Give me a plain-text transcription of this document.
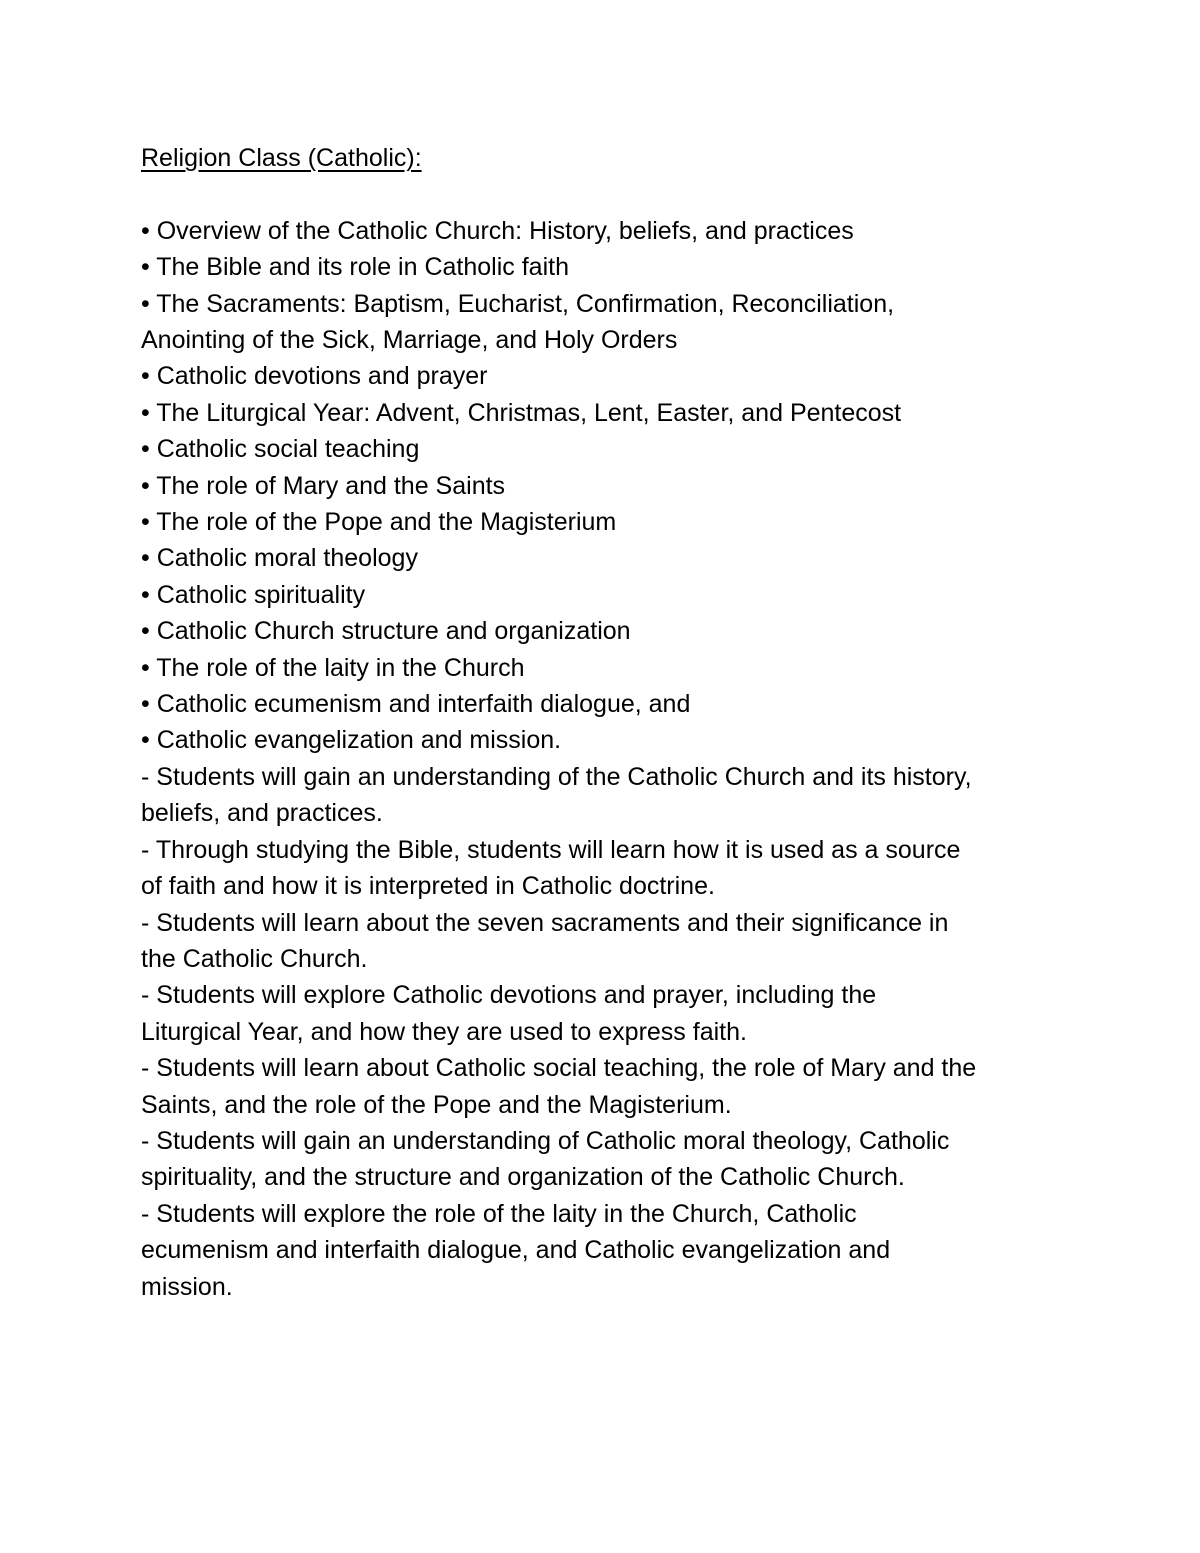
Religion Class (Catholic):

• Overview of the Catholic Church: History, beliefs, and practices

• The Bible and its role in Catholic faith

• The Sacraments: Baptism, Eucharist, Confirmation, Reconciliation,

Anointing of the Sick, Marriage, and Holy Orders

• Catholic devotions and prayer

• The Liturgical Year: Advent, Christmas, Lent, Easter, and Pentecost

• Catholic social teaching

• The role of Mary and the Saints

• The role of the Pope and the Magisterium

• Catholic moral theology

• Catholic spirituality

• Catholic Church structure and organization

• The role of the laity in the Church

• Catholic ecumenism and interfaith dialogue, and

• Catholic evangelization and mission.

- Students will gain an understanding of the Catholic Church and its history,

beliefs, and practices.

- Through studying the Bible, students will learn how it is used as a source

of faith and how it is interpreted in Catholic doctrine.

- Students will learn about the seven sacraments and their significance in

the Catholic Church.

- Students will explore Catholic devotions and prayer, including the

Liturgical Year, and how they are used to express faith.

- Students will learn about Catholic social teaching, the role of Mary and the

Saints, and the role of the Pope and the Magisterium.

- Students will gain an understanding of Catholic moral theology, Catholic

spirituality, and the structure and organization of the Catholic Church.

- Students will explore the role of the laity in the Church, Catholic

ecumenism and interfaith dialogue, and Catholic evangelization and

mission.
